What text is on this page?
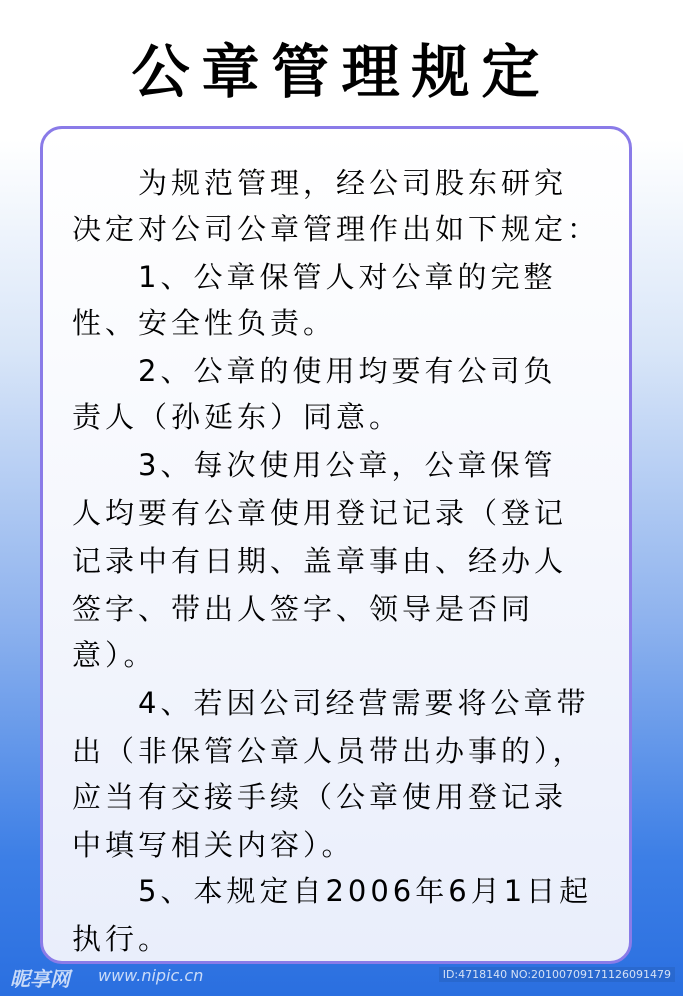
公章管理规定
　　为规范管理，经公司股东研究
决定对公司公章管理作出如下规定：
　　1、公章保管人对公章的完整
性、安全性负责。
　　2、公章的使用均要有公司负
责人（孙延东）同意。
　　3、每次使用公章，公章保管
人均要有公章使用登记记录（登记
记录中有日期、盖章事由、经办人
签字、带出人签字、领导是否同
意）。
　　4、若因公司经营需要将公章带
出（非保管公章人员带出办事的），
应当有交接手续（公章使用登记录
中填写相关内容）。
　　5、本规定自2006年6月1日起
执行。
昵享网 www.nipic.cn	ID:4718140 NO:20100709171126091479
